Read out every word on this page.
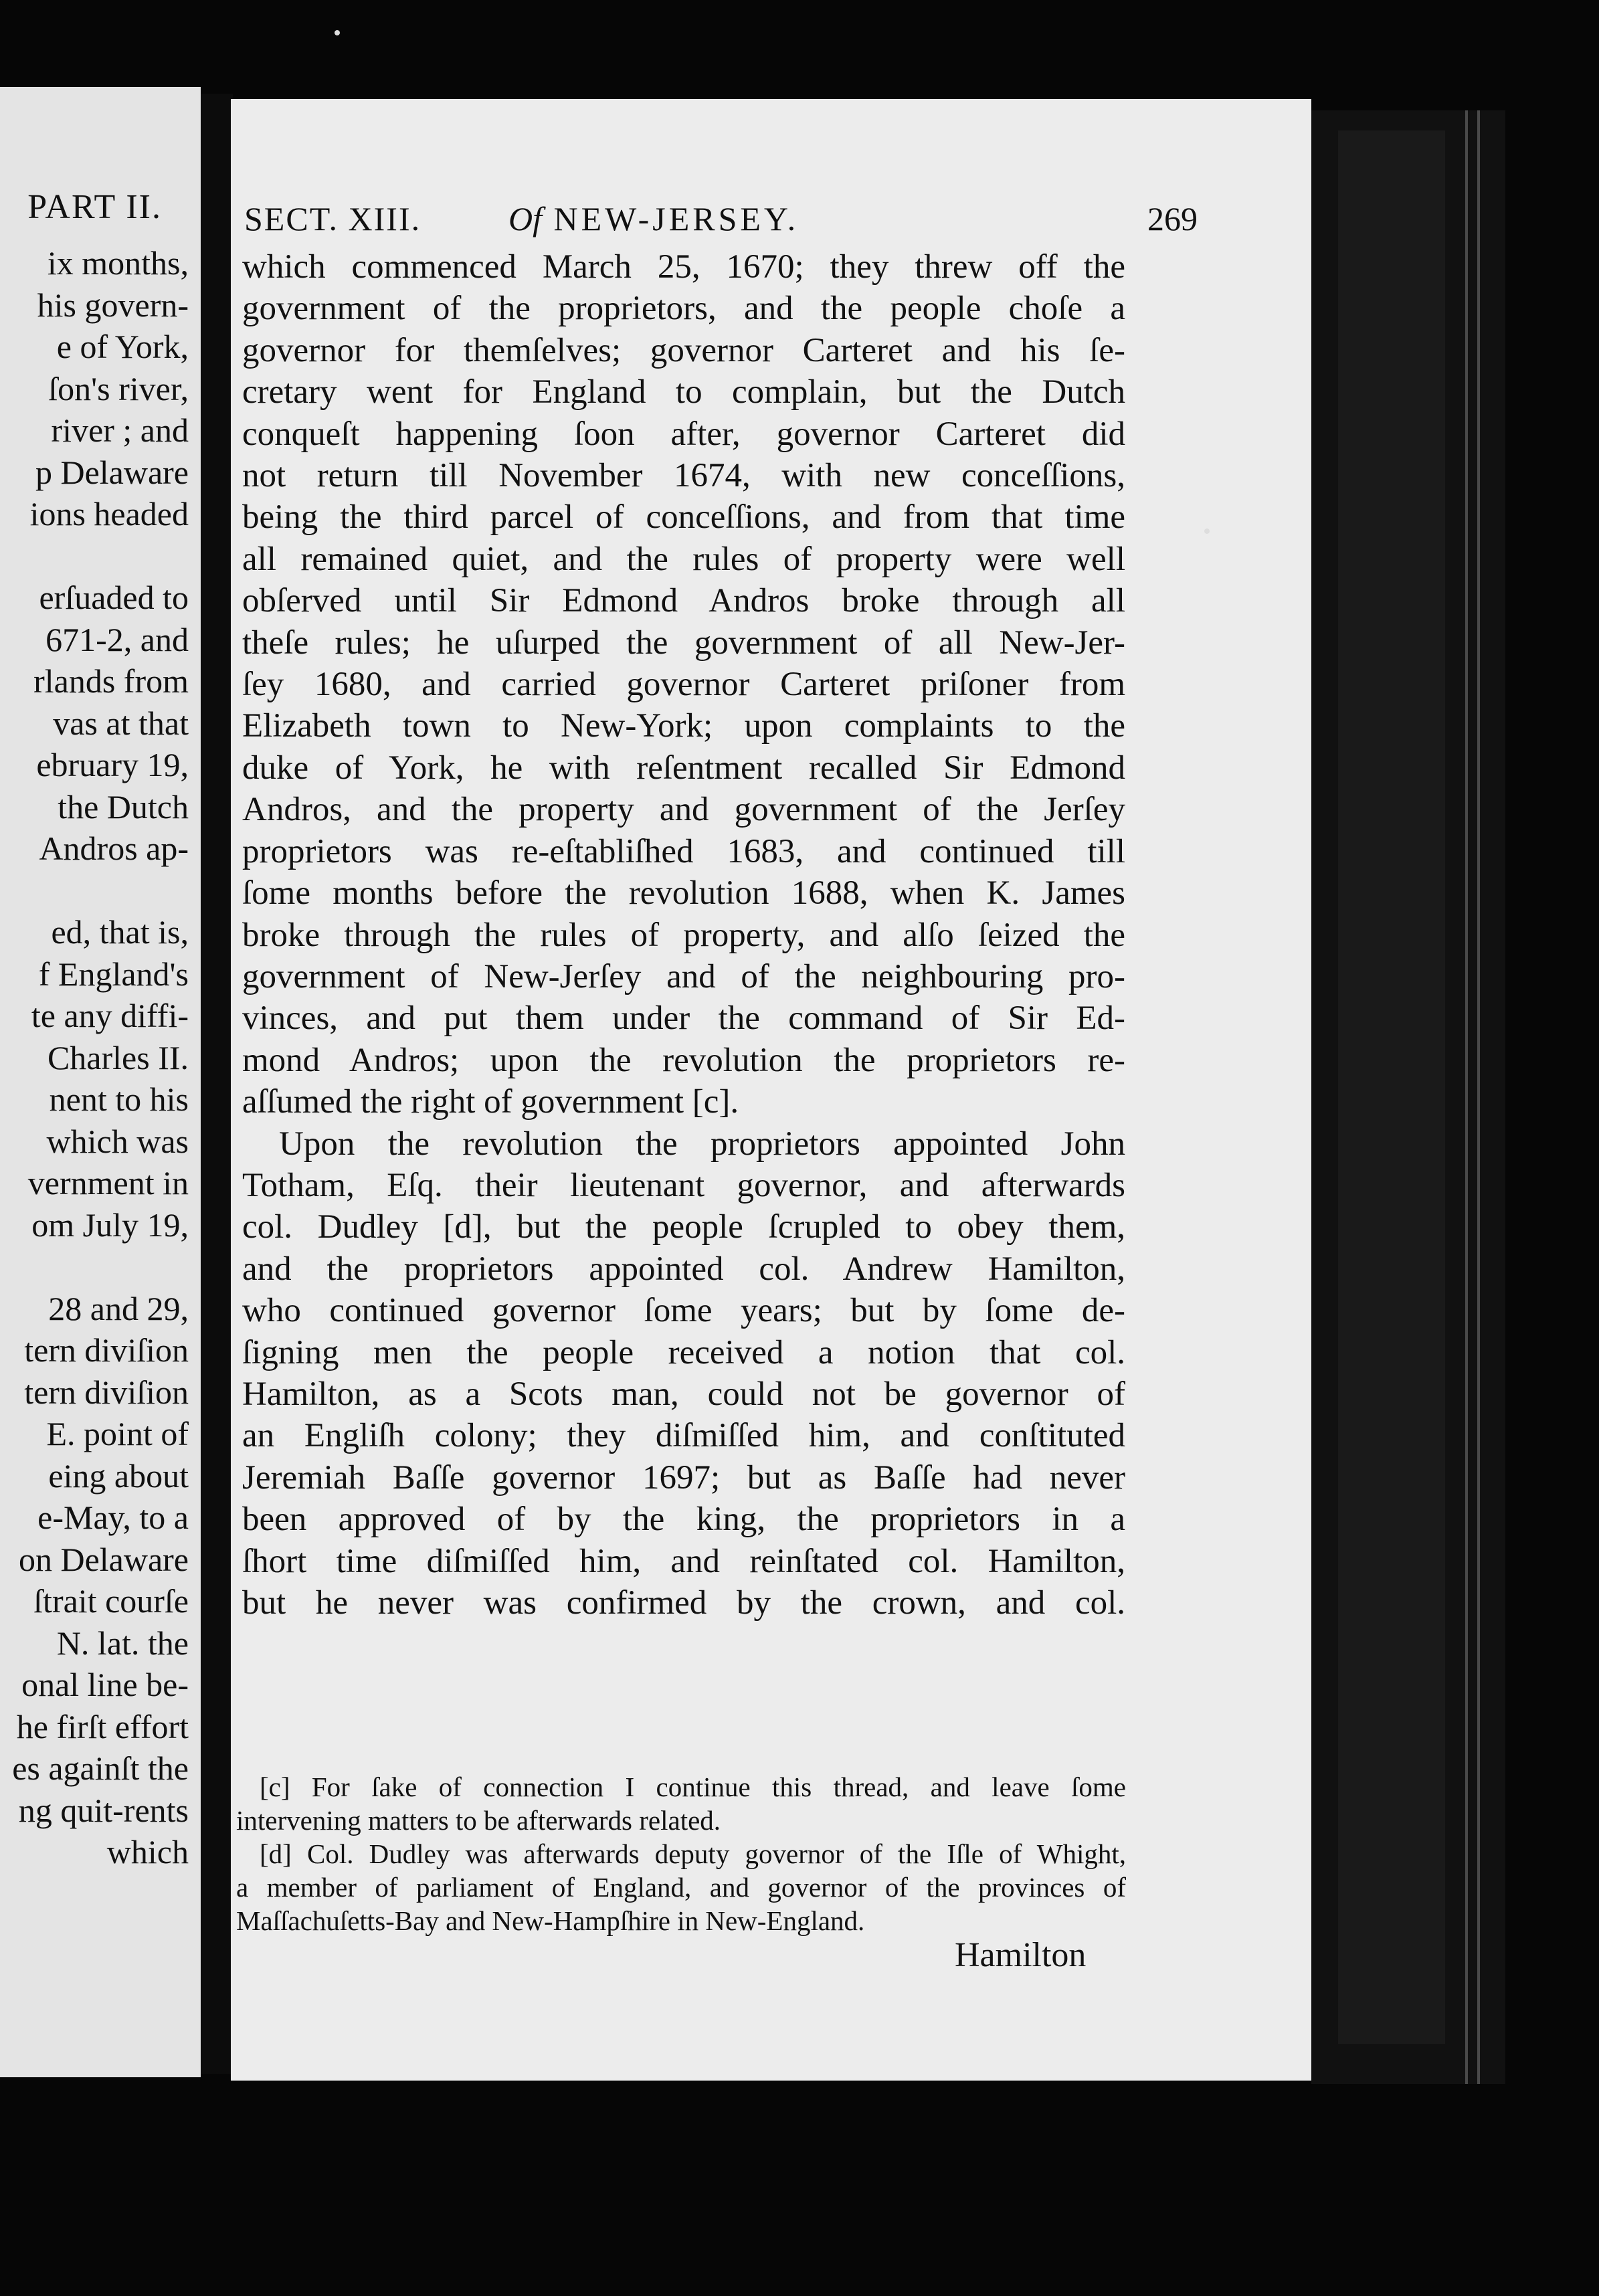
PART II.
ix months,
his govern-
e of York,
ſon's river,
river ; and
p Delaware
ions headed

erſuaded to
671-2, and
rlands from
vas at that
ebruary 19,
the Dutch
Andros ap-

ed, that is,
f England's
te any diffi-
Charles II.
nent to his
which was
vernment in
om July 19,

28 and 29,
tern diviſion
tern diviſion
E. point of
eing about
e-May, to a
on Delaware
ſtrait courſe
N. lat. the
onal line be-
he firſt effort
es againſt the
ng quit-rents
which
SECT. XIII.	Of NEW-JERSEY.	269
which commenced March 25, 1670; they threw off the
government of the proprietors, and the people choſe a
governor for themſelves; governor Carteret and his ſe-
cretary went for England to complain, but the Dutch
conqueſt happening ſoon after, governor Carteret did
not return till November 1674, with new conceſſions,
being the third parcel of conceſſions, and from that time
all remained quiet, and the rules of property were well
obſerved until Sir Edmond Andros broke through all
theſe rules; he uſurped the government of all New-Jer-
ſey 1680, and carried governor Carteret priſoner from
Elizabeth town to New-York; upon complaints to the
duke of York, he with reſentment recalled Sir Edmond
Andros, and the property and government of the Jerſey
proprietors was re-eſtabliſhed 1683, and continued till
ſome months before the revolution 1688, when K. James
broke through the rules of property, and alſo ſeized the
government of New-Jerſey and of the neighbouring pro-
vinces, and put them under the command of Sir Ed-
mond Andros; upon the revolution the proprietors re-
aſſumed the right of government [c].
Upon the revolution the proprietors appointed John
Totham, Eſq. their lieutenant governor, and afterwards
col. Dudley [d], but the people ſcrupled to obey them,
and the proprietors appointed col. Andrew Hamilton,
who continued governor ſome years; but by ſome de-
ſigning men the people received a notion that col.
Hamilton, as a Scots man, could not be governor of
an Engliſh colony; they diſmiſſed him, and conſtituted
Jeremiah Baſſe governor 1697; but as Baſſe had never
been approved of by the king, the proprietors in a
ſhort time diſmiſſed him, and reinſtated col. Hamilton,
but he never was confirmed by the crown, and col.
[c] For ſake of connection I continue this thread, and leave ſome
intervening matters to be afterwards related.
[d] Col. Dudley was afterwards deputy governor of the Iſle of Whight,
a member of parliament of England, and governor of the provinces of
Maſſachuſetts-Bay and New-Hampſhire in New-England.
Hamilton
